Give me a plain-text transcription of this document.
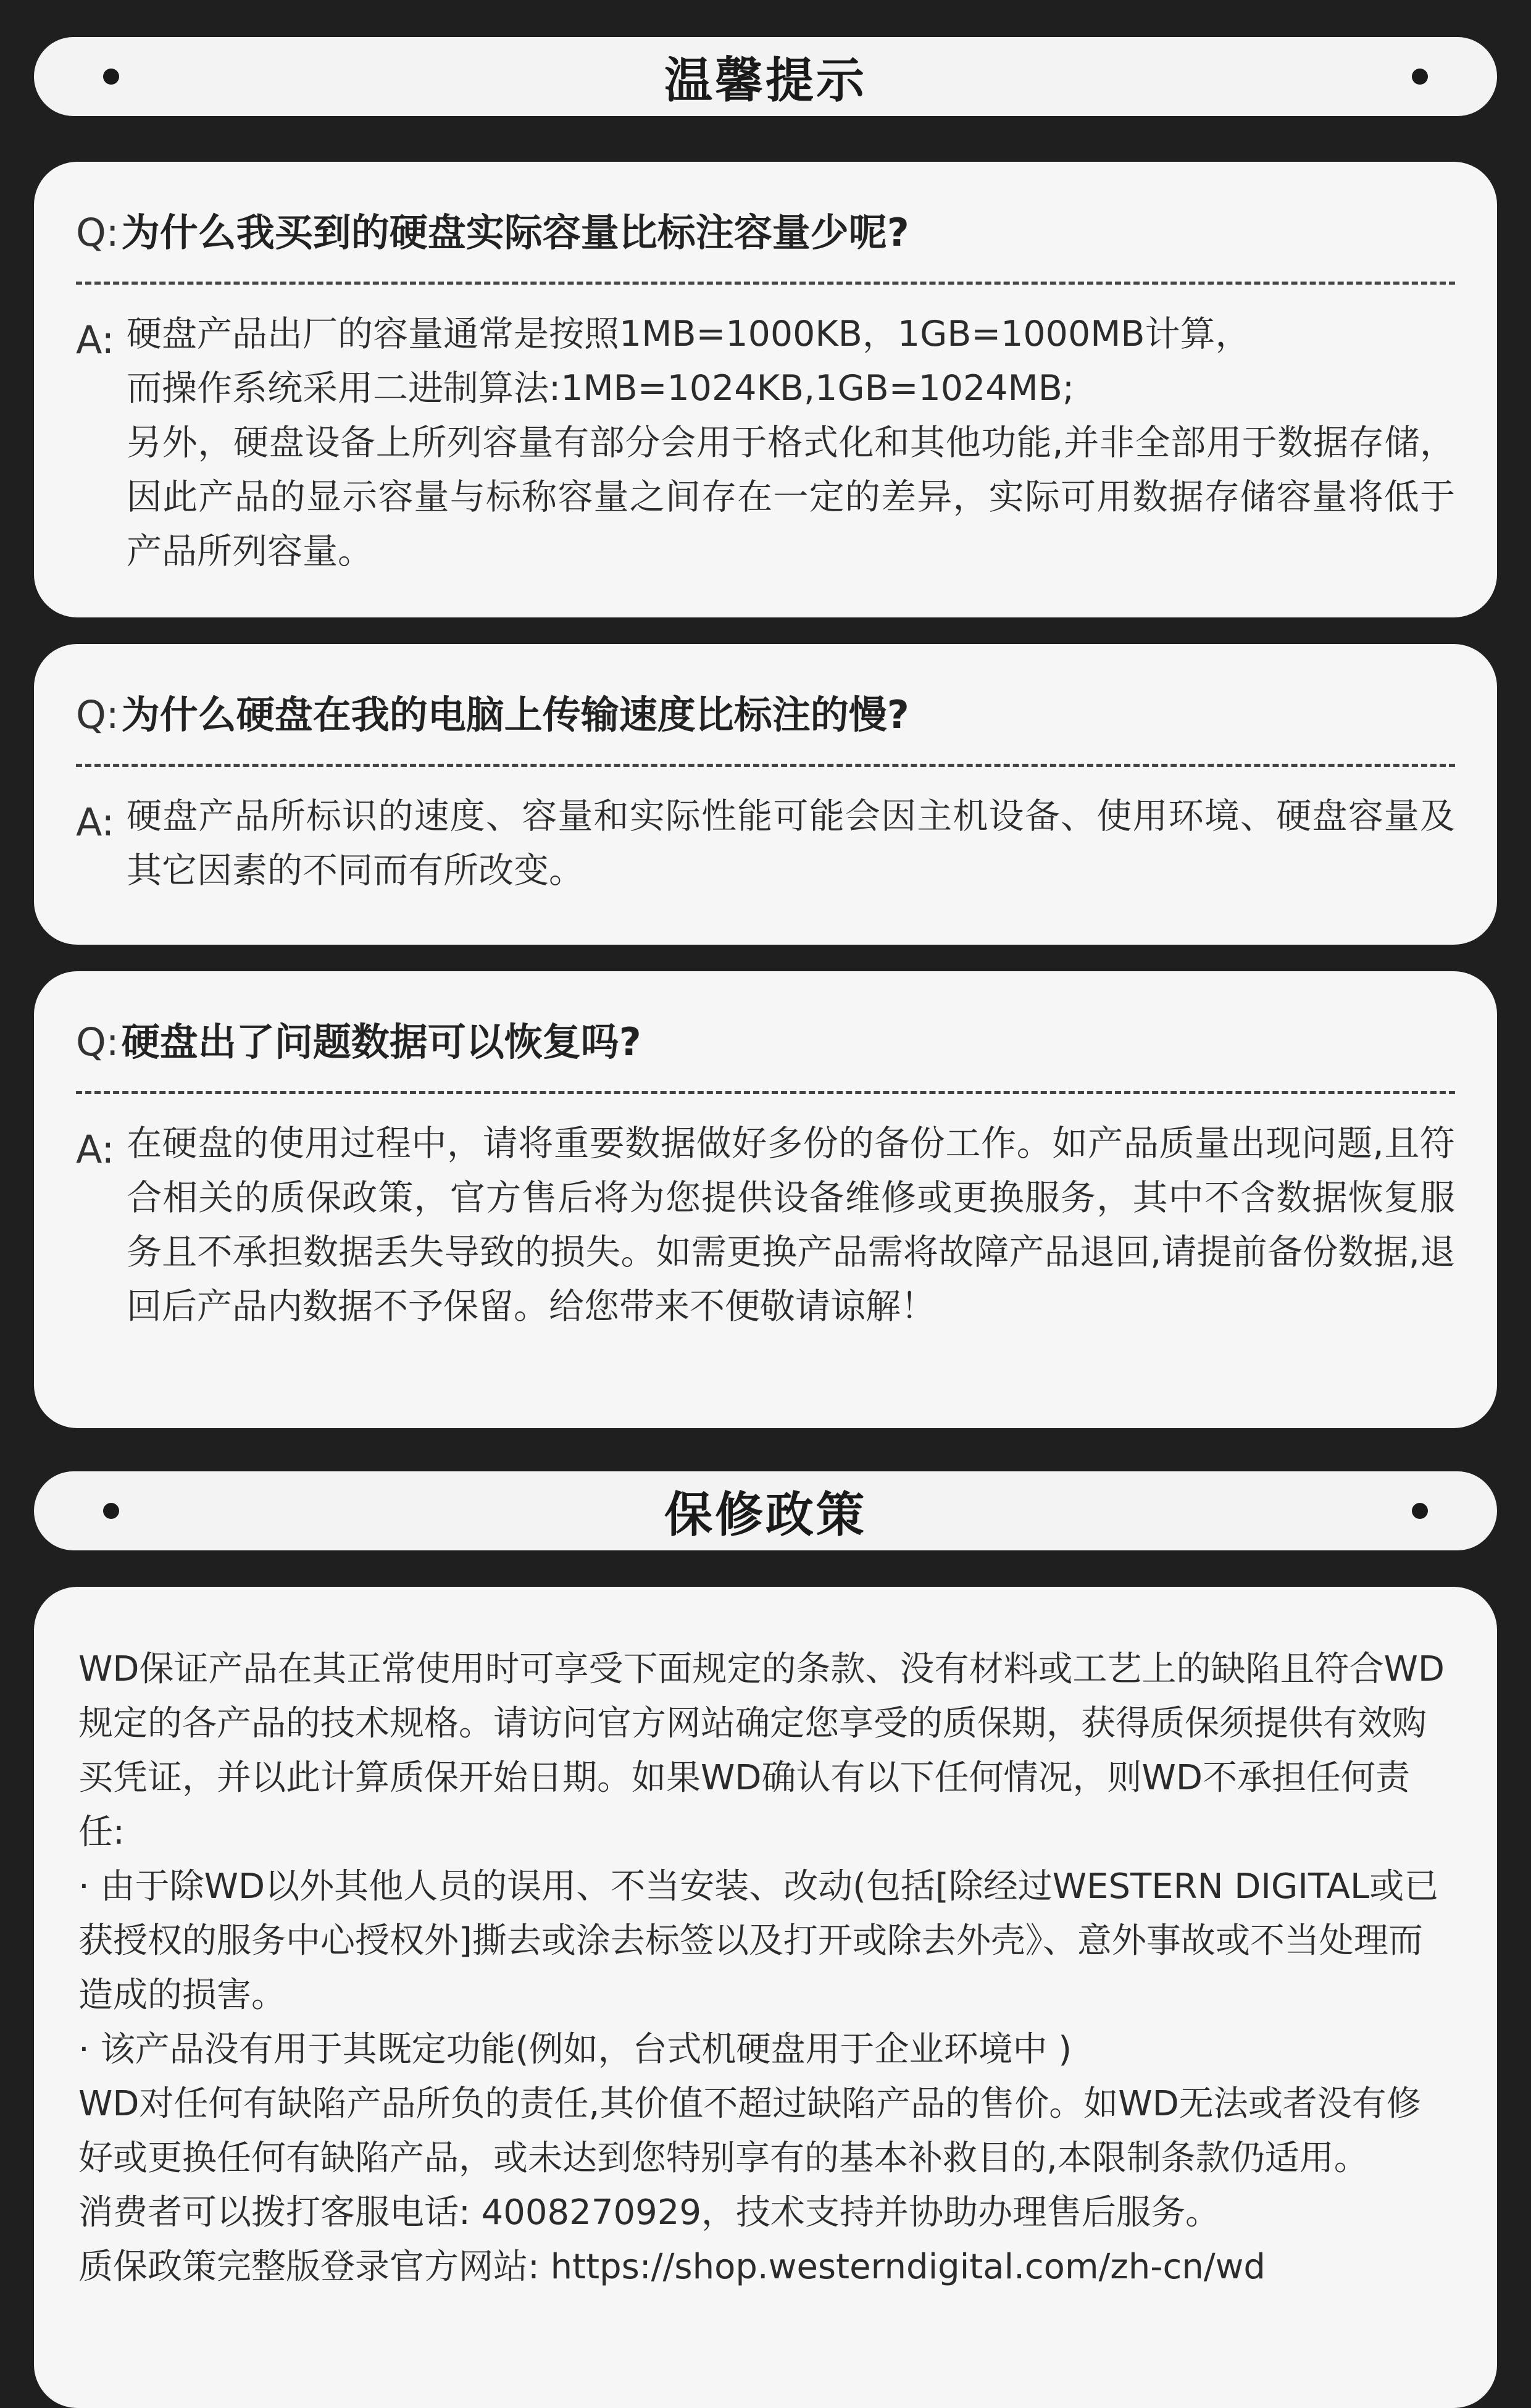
温馨提示
Q: 为什么我买到的硬盘实际容量比标注容量少呢?
A: 硬盘产品出厂的容量通常是按照1MB=1000KB，1GB=1000MB计算，
而操作系统采用二进制算法:1MB=1024KB,1GB=1024MB;
另外，硬盘设备上所列容量有部分会用于格式化和其他功能,并非全部用于数据存储，因此产品的显示容量与标称容量之间存在一定的差异，实际可用数据存储容量将低于产品所列容量。
Q: 为什么硬盘在我的电脑上传输速度比标注的慢?
A: 硬盘产品所标识的速度、容量和实际性能可能会因主机设备、使用环境、硬盘容量及其它因素的不同而有所改变。
Q: 硬盘出了问题数据可以恢复吗?
A: 在硬盘的使用过程中，请将重要数据做好多份的备份工作。如产品质量出现问题,且符合相关的质保政策，官方售后将为您提供设备维修或更换服务，其中不含数据恢复服务且不承担数据丢失导致的损失。如需更换产品需将故障产品退回,请提前备份数据,退回后产品内数据不予保留。给您带来不便敬请谅解！
保修政策
WD保证产品在其正常使用时可享受下面规定的条款、没有材料或工艺上的缺陷且符合WD规定的各产品的技术规格。请访问官方网站确定您享受的质保期，获得质保须提供有效购买凭证，并以此计算质保开始日期。如果WD确认有以下任何情况，则WD不承担任何责任:
· 由于除WD以外其他人员的误用、不当安装、改动(包括[除经过WESTERN DIGITAL或已获授权的服务中心授权外]撕去或涂去标签以及打开或除去外壳》、意外事故或不当处理而造成的损害。
· 该产品没有用于其既定功能(例如，台式机硬盘用于企业环境中 )
WD对任何有缺陷产品所负的责任,其价值不超过缺陷产品的售价。如WD无法或者没有修好或更换任何有缺陷产品，或未达到您特别享有的基本补救目的,本限制条款仍适用。
消费者可以拨打客服电话: 4008270929，技术支持并协助办理售后服务。
质保政策完整版登录官方网站: https://shop.westerndigital.com/zh-cn/wd
